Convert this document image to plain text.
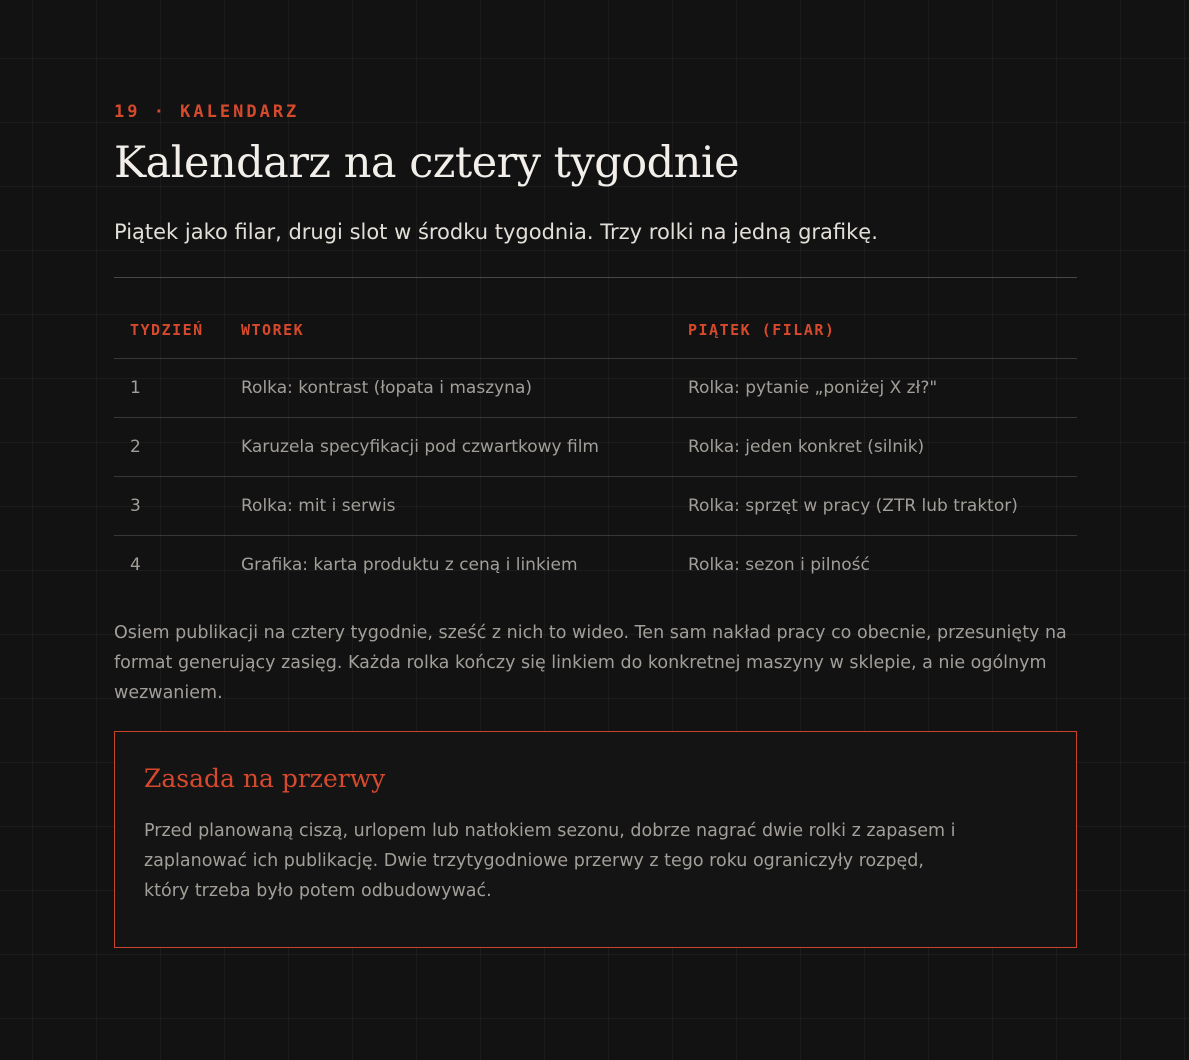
19 · KALENDARZ
Kalendarz na cztery tygodnie

Piątek jako filar, drugi slot w środku tygodnia. Trzy rolki na jedną grafikę.

TYDZIEŃ	WTOREK	PIĄTEK (FILAR)
1	Rolka: kontrast (łopata i maszyna)	Rolka: pytanie „poniżej X zł?"
2	Karuzela specyfikacji pod czwartkowy film	Rolka: jeden konkret (silnik)
3	Rolka: mit i serwis	Rolka: sprzęt w pracy (ZTR lub traktor)
4	Grafika: karta produktu z ceną i linkiem	Rolka: sezon i pilność

Osiem publikacji na cztery tygodnie, sześć z nich to wideo. Ten sam nakład pracy co obecnie, przesunięty na format generujący zasięg. Każda rolka kończy się linkiem do konkretnej maszyny w sklepie, a nie ogólnym wezwaniem.

Zasada na przerwy

Przed planowaną ciszą, urlopem lub natłokiem sezonu, dobrze nagrać dwie rolki z zapasem i zaplanować ich publikację. Dwie trzytygodniowe przerwy z tego roku ograniczyły rozpęd, który trzeba było potem odbudowywać.
